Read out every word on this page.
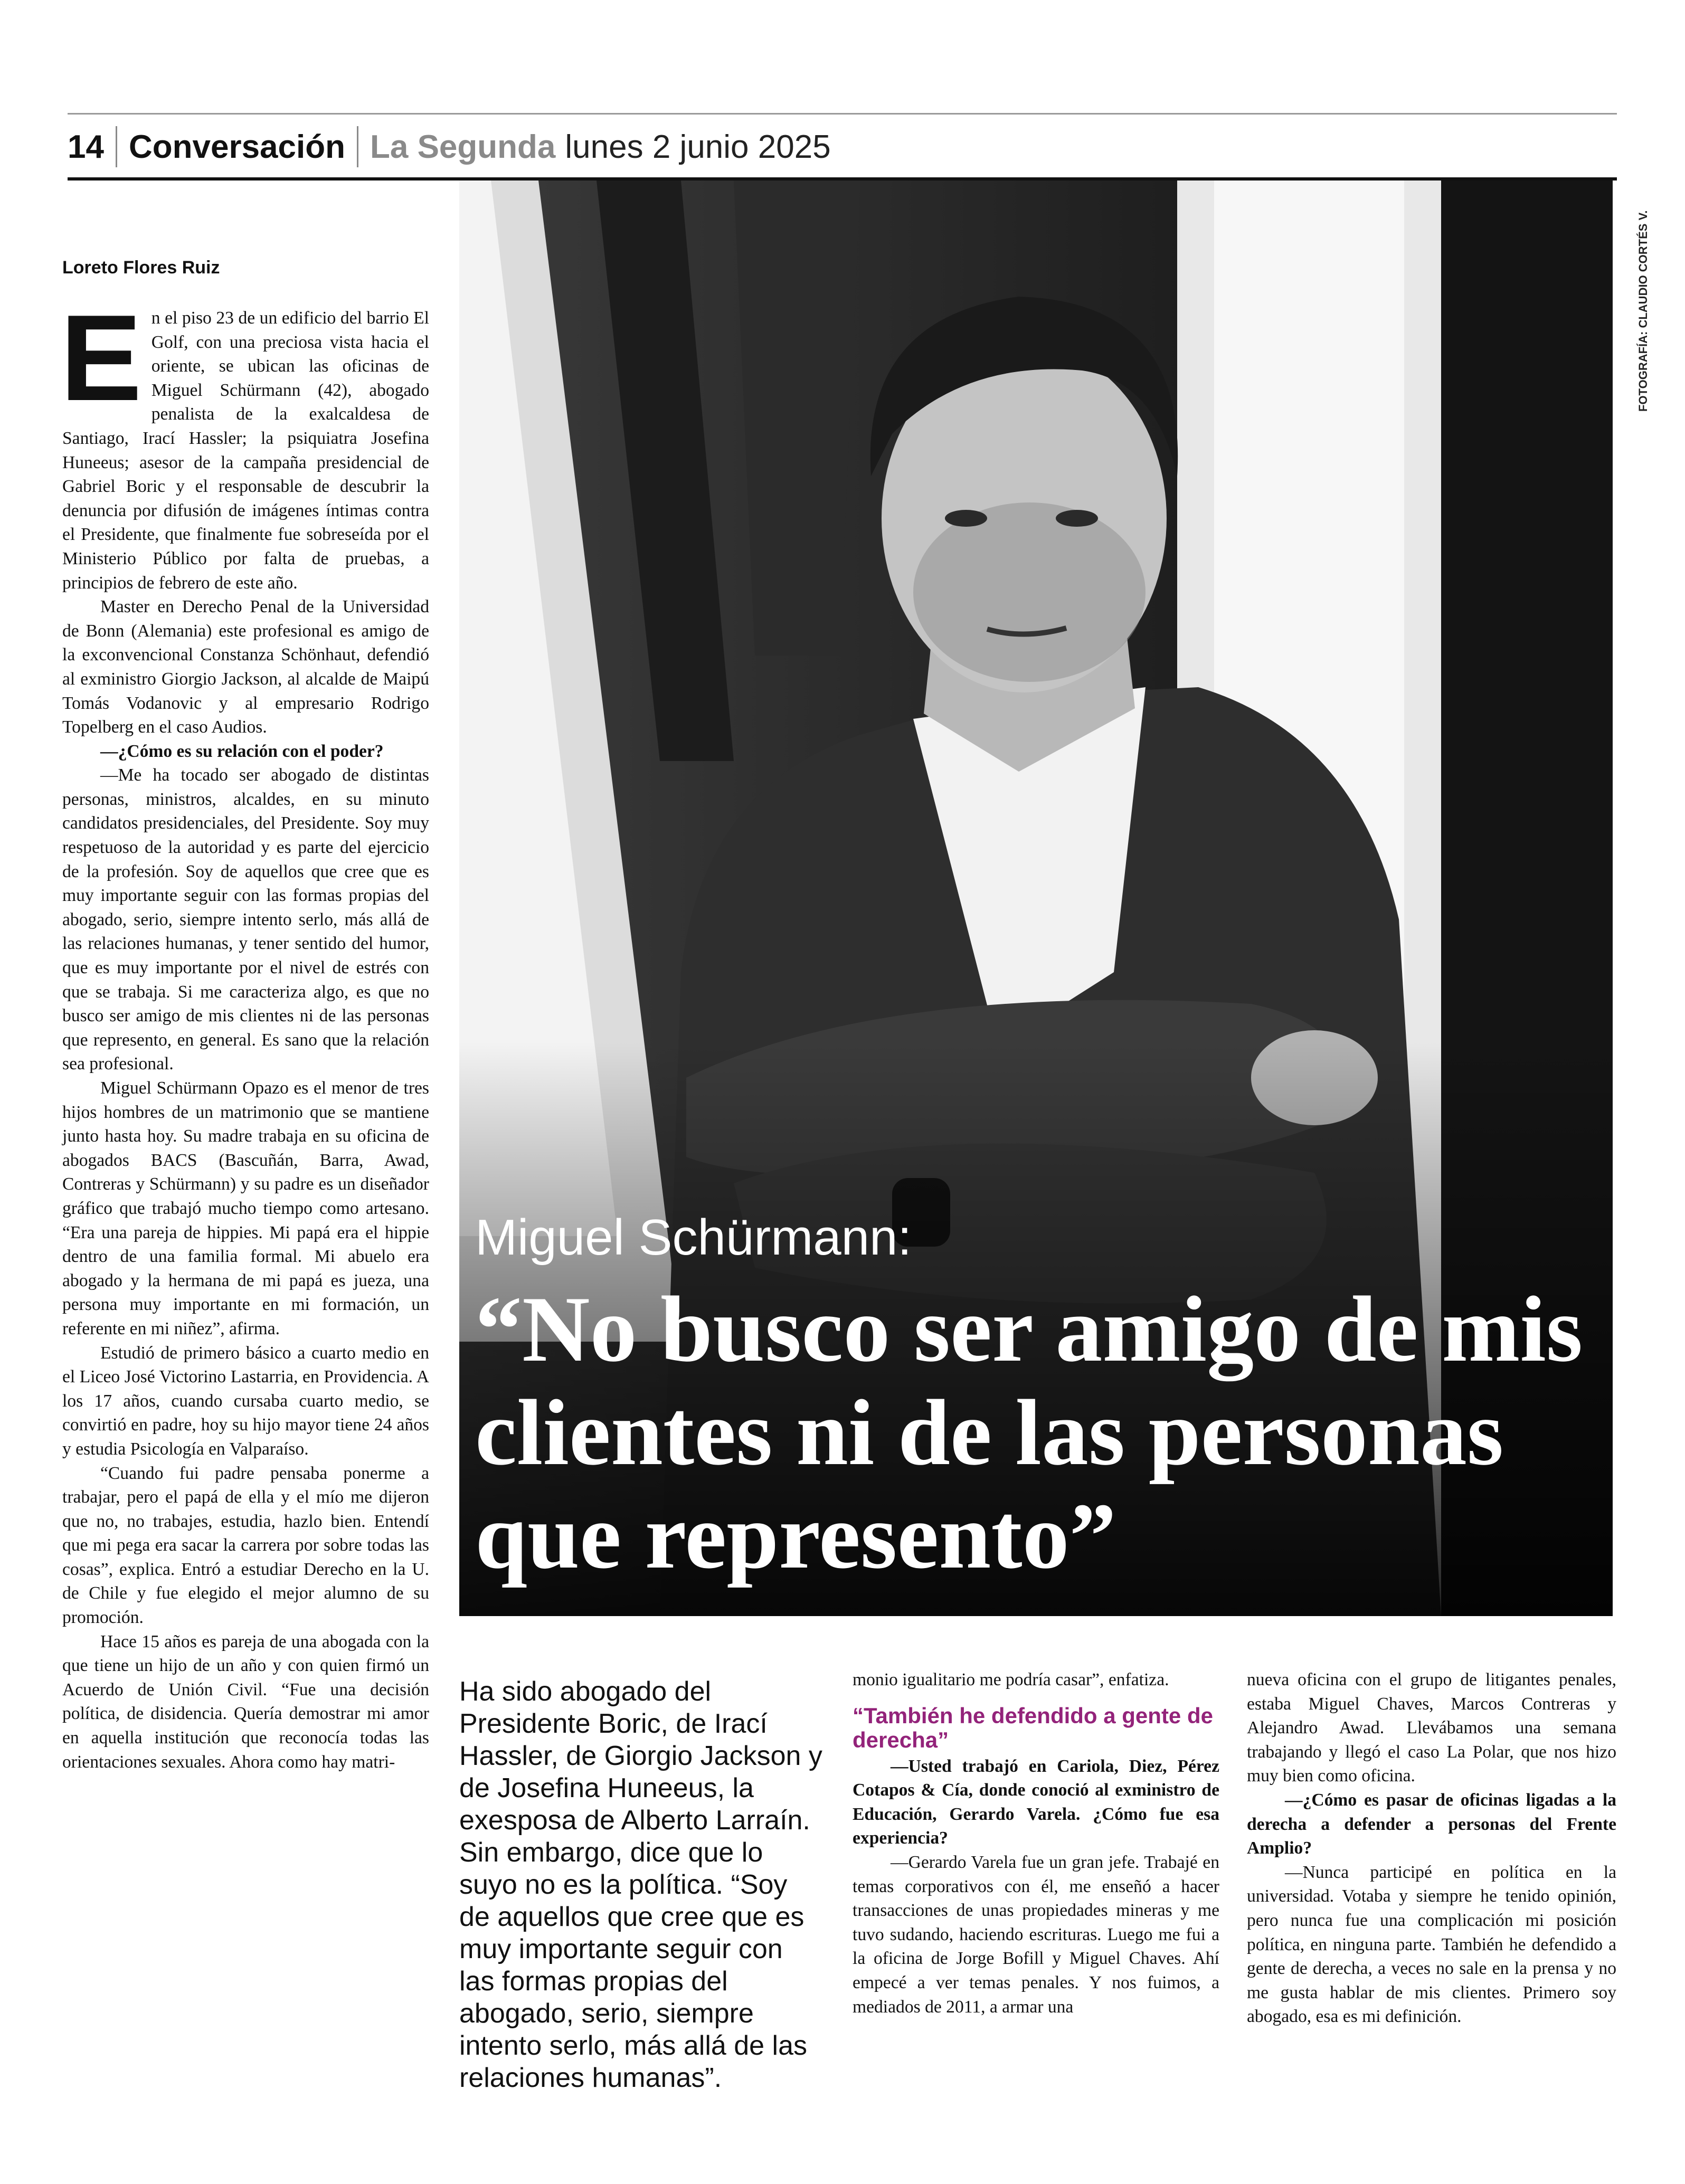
14 Conversación La Segunda lunes 2 junio 2025
FOTOGRAFÍA: CLAUDIO CORTÉS V.
Miguel Schürmann:
“No busco ser amigo de mis clientes ni de las personas que represento”
Loreto Flores Ruiz
E n el piso 23 de un edificio del barrio El Golf, con una preciosa vista hacia el oriente, se ubican las oficinas de Miguel Schürmann (42), abogado penalista de la exalcaldesa de Santiago, Irací Hassler; la psiquiatra Josefina Huneeus; asesor de la campaña presidencial de Gabriel Boric y el responsable de descubrir la denuncia por difusión de imágenes íntimas contra el Presidente, que finalmente fue sobreseída por el Ministerio Público por falta de pruebas, a principios de febrero de este año.

Master en Derecho Penal de la Universidad de Bonn (Alemania) este profesional es amigo de la exconvencional Constanza Schönhaut, defendió al exministro Giorgio Jackson, al alcalde de Maipú Tomás Vodanovic y al empresario Rodrigo Topelberg en el caso Audios.

—¿Cómo es su relación con el poder?

—Me ha tocado ser abogado de distintas personas, ministros, alcaldes, en su minuto candidatos presidenciales, del Presidente. Soy muy respetuoso de la autoridad y es parte del ejercicio de la profesión. Soy de aquellos que cree que es muy importante seguir con las formas propias del abogado, serio, siempre intento serlo, más allá de las relaciones humanas, y tener sentido del humor, que es muy importante por el nivel de estrés con que se trabaja. Si me caracteriza algo, es que no busco ser amigo de mis clientes ni de las personas que represento, en general. Es sano que la relación sea profesional.

Miguel Schürmann Opazo es el menor de tres hijos hombres de un matrimonio que se mantiene junto hasta hoy. Su madre trabaja en su oficina de abogados BACS (Bascuñán, Barra, Awad, Contreras y Schürmann) y su padre es un diseñador gráfico que trabajó mucho tiempo como artesano. “Era una pareja de hippies. Mi papá era el hippie dentro de una familia formal. Mi abuelo era abogado y la hermana de mi papá es jueza, una persona muy importante en mi formación, un referente en mi niñez”, afirma.

Estudió de primero básico a cuarto medio en el Liceo José Victorino Lastarria, en Providencia. A los 17 años, cuando cursaba cuarto medio, se convirtió en padre, hoy su hijo mayor tiene 24 años y estudia Psicología en Valparaíso.

“Cuando fui padre pensaba ponerme a trabajar, pero el papá de ella y el mío me dijeron que no, no trabajes, estudia, hazlo bien. Entendí que mi pega era sacar la carrera por sobre todas las cosas”, explica. Entró a estudiar Derecho en la U. de Chile y fue elegido el mejor alumno de su promoción.

Hace 15 años es pareja de una abogada con la que tiene un hijo de un año y con quien firmó un Acuerdo de Unión Civil. “Fue una decisión política, de disidencia. Quería demostrar mi amor en aquella institución que reconocía todas las orientaciones sexuales. Ahora como hay matri-

Ha sido abogado del Presidente Boric, de Irací Hassler, de Giorgio Jackson y de Josefina Huneeus, la exesposa de Alberto Larraín. Sin embargo, dice que lo suyo no es la política. “Soy de aquellos que cree que es muy importante seguir con las formas propias del abogado, serio, siempre intento serlo, más allá de las relaciones humanas”.

monio igualitario me podría casar”, enfatiza.

“También he defendido a gente de derecha”

—Usted trabajó en Cariola, Diez, Pérez Cotapos & Cía, donde conoció al exministro de Educación, Gerardo Varela. ¿Cómo fue esa experiencia?

—Gerardo Varela fue un gran jefe. Trabajé en temas corporativos con él, me enseñó a hacer transacciones de unas propiedades mineras y me tuvo sudando, haciendo escrituras. Luego me fui a la oficina de Jorge Bofill y Miguel Chaves. Ahí empecé a ver temas penales. Y nos fuimos, a mediados de 2011, a armar una

nueva oficina con el grupo de litigantes penales, estaba Miguel Chaves, Marcos Contreras y Alejandro Awad. Llevábamos una semana trabajando y llegó el caso La Polar, que nos hizo muy bien como oficina.

—¿Cómo es pasar de oficinas ligadas a la derecha a defender a personas del Frente Amplio?

—Nunca participé en política en la universidad. Votaba y siempre he tenido opinión, pero nunca fue una complicación mi posición política, en ninguna parte. También he defendido a gente de derecha, a veces no sale en la prensa y no me gusta hablar de mis clientes. Primero soy abogado, esa es mi definición.
